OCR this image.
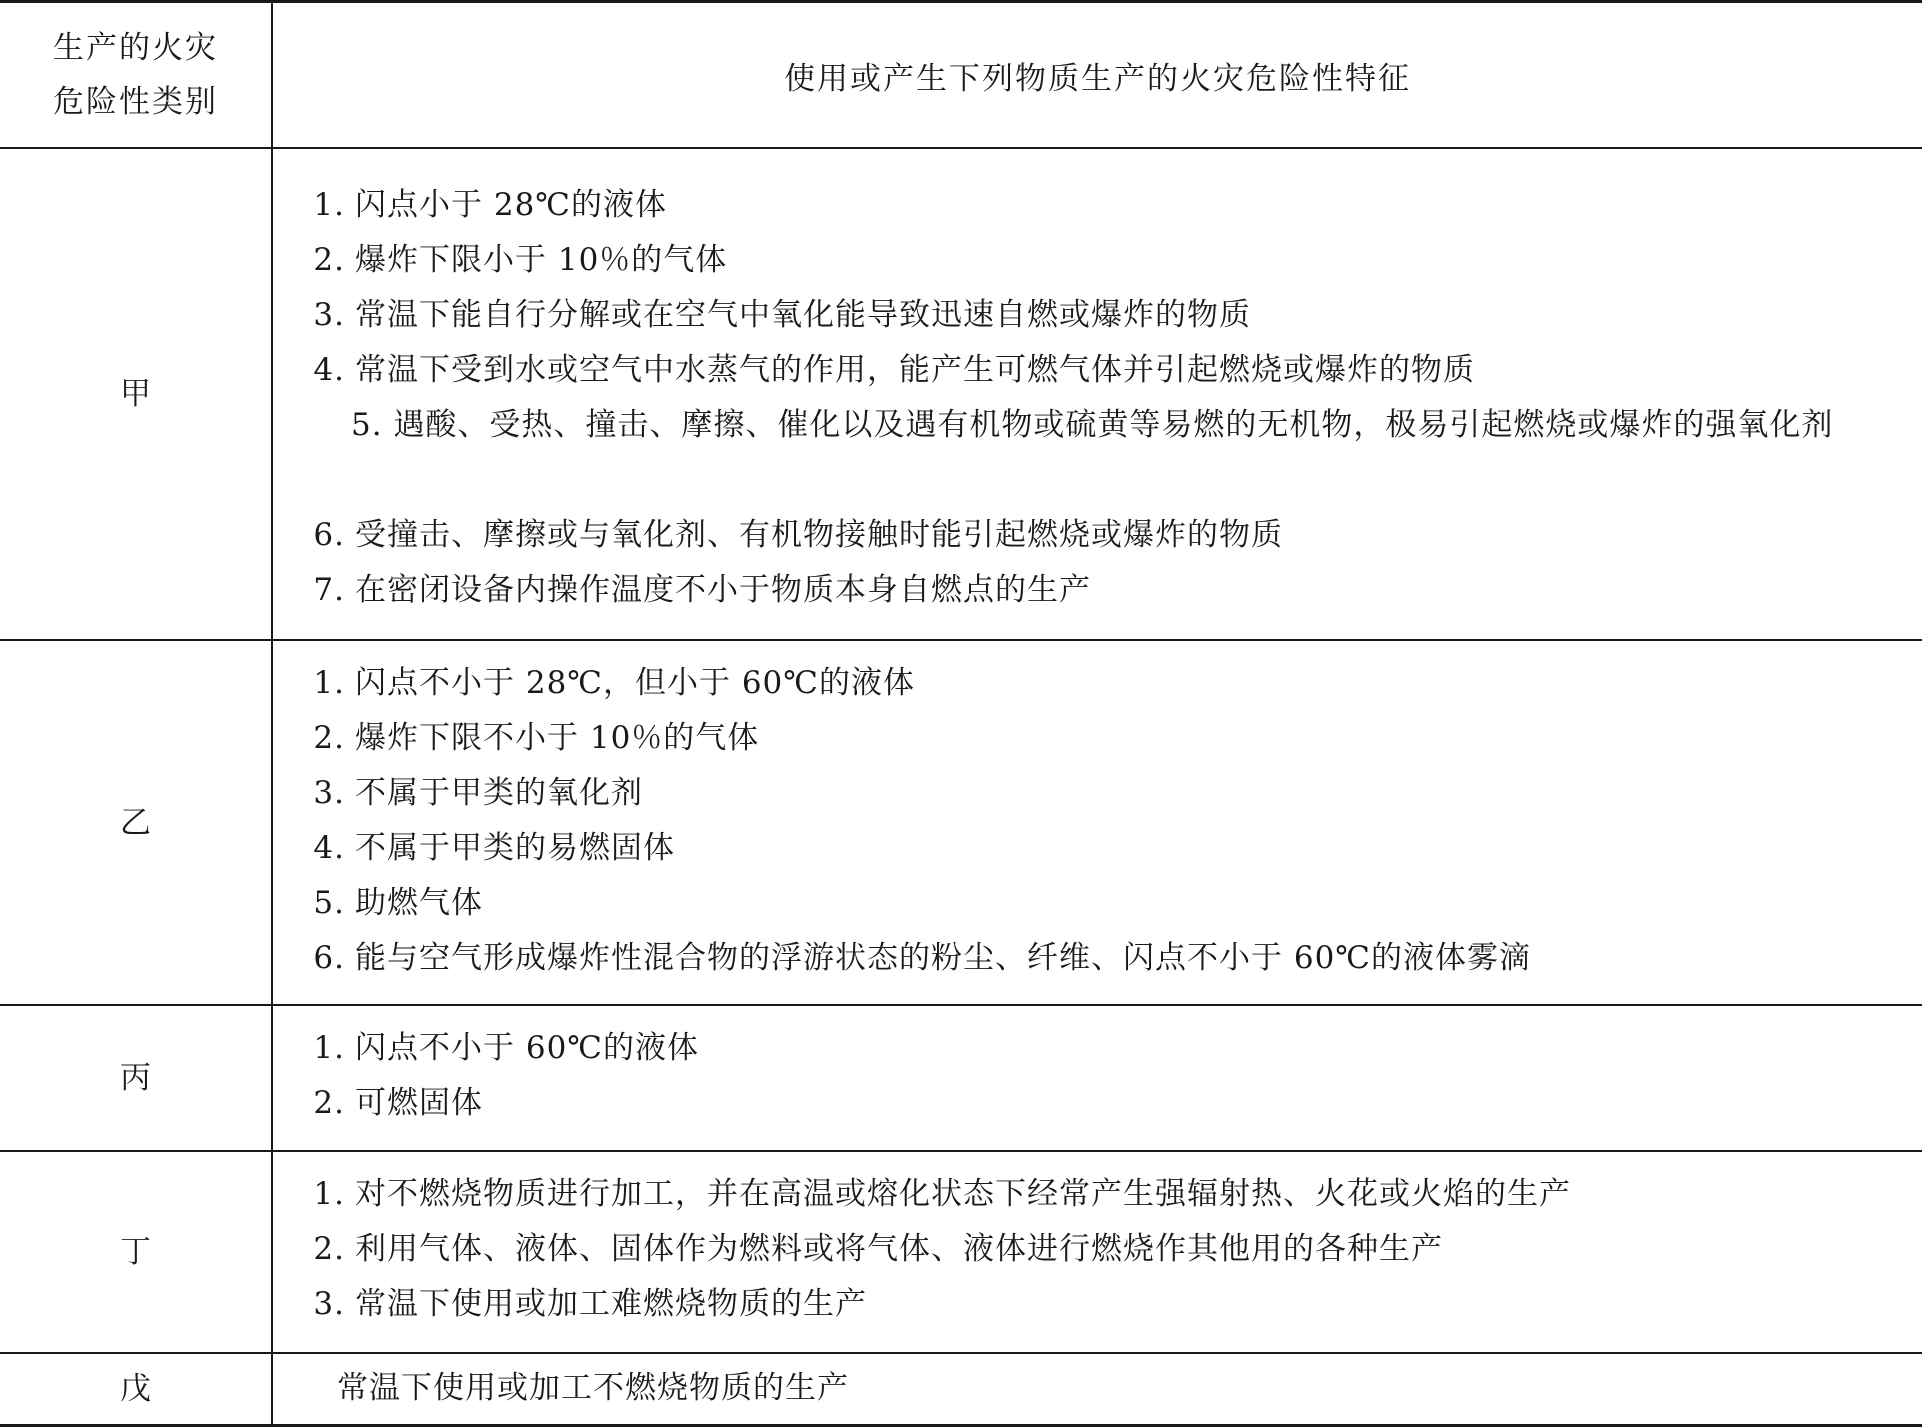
生产的火灾
危险性类别
使用或产生下列物质生产的火灾危险性特征
甲
1. 闪点小于 28℃的液体
2. 爆炸下限小于 10％的气体
3. 常温下能自行分解或在空气中氧化能导致迅速自燃或爆炸的物质
4. 常温下受到水或空气中水蒸气的作用，能产生可燃气体并引起燃烧或爆炸的物质
5. 遇酸、受热、撞击、摩擦、催化以及遇有机物或硫黄等易燃的无机物，极易引起燃烧或爆炸的强氧化剂
6. 受撞击、摩擦或与氧化剂、有机物接触时能引起燃烧或爆炸的物质
7. 在密闭设备内操作温度不小于物质本身自燃点的生产
乙
1. 闪点不小于 28℃，但小于 60℃的液体
2. 爆炸下限不小于 10％的气体
3. 不属于甲类的氧化剂
4. 不属于甲类的易燃固体
5. 助燃气体
6. 能与空气形成爆炸性混合物的浮游状态的粉尘、纤维、闪点不小于 60℃的液体雾滴
丙
1. 闪点不小于 60℃的液体
2. 可燃固体
丁
1. 对不燃烧物质进行加工，并在高温或熔化状态下经常产生强辐射热、火花或火焰的生产
2. 利用气体、液体、固体作为燃料或将气体、液体进行燃烧作其他用的各种生产
3. 常温下使用或加工难燃烧物质的生产
戊	常温下使用或加工不燃烧物质的生产
